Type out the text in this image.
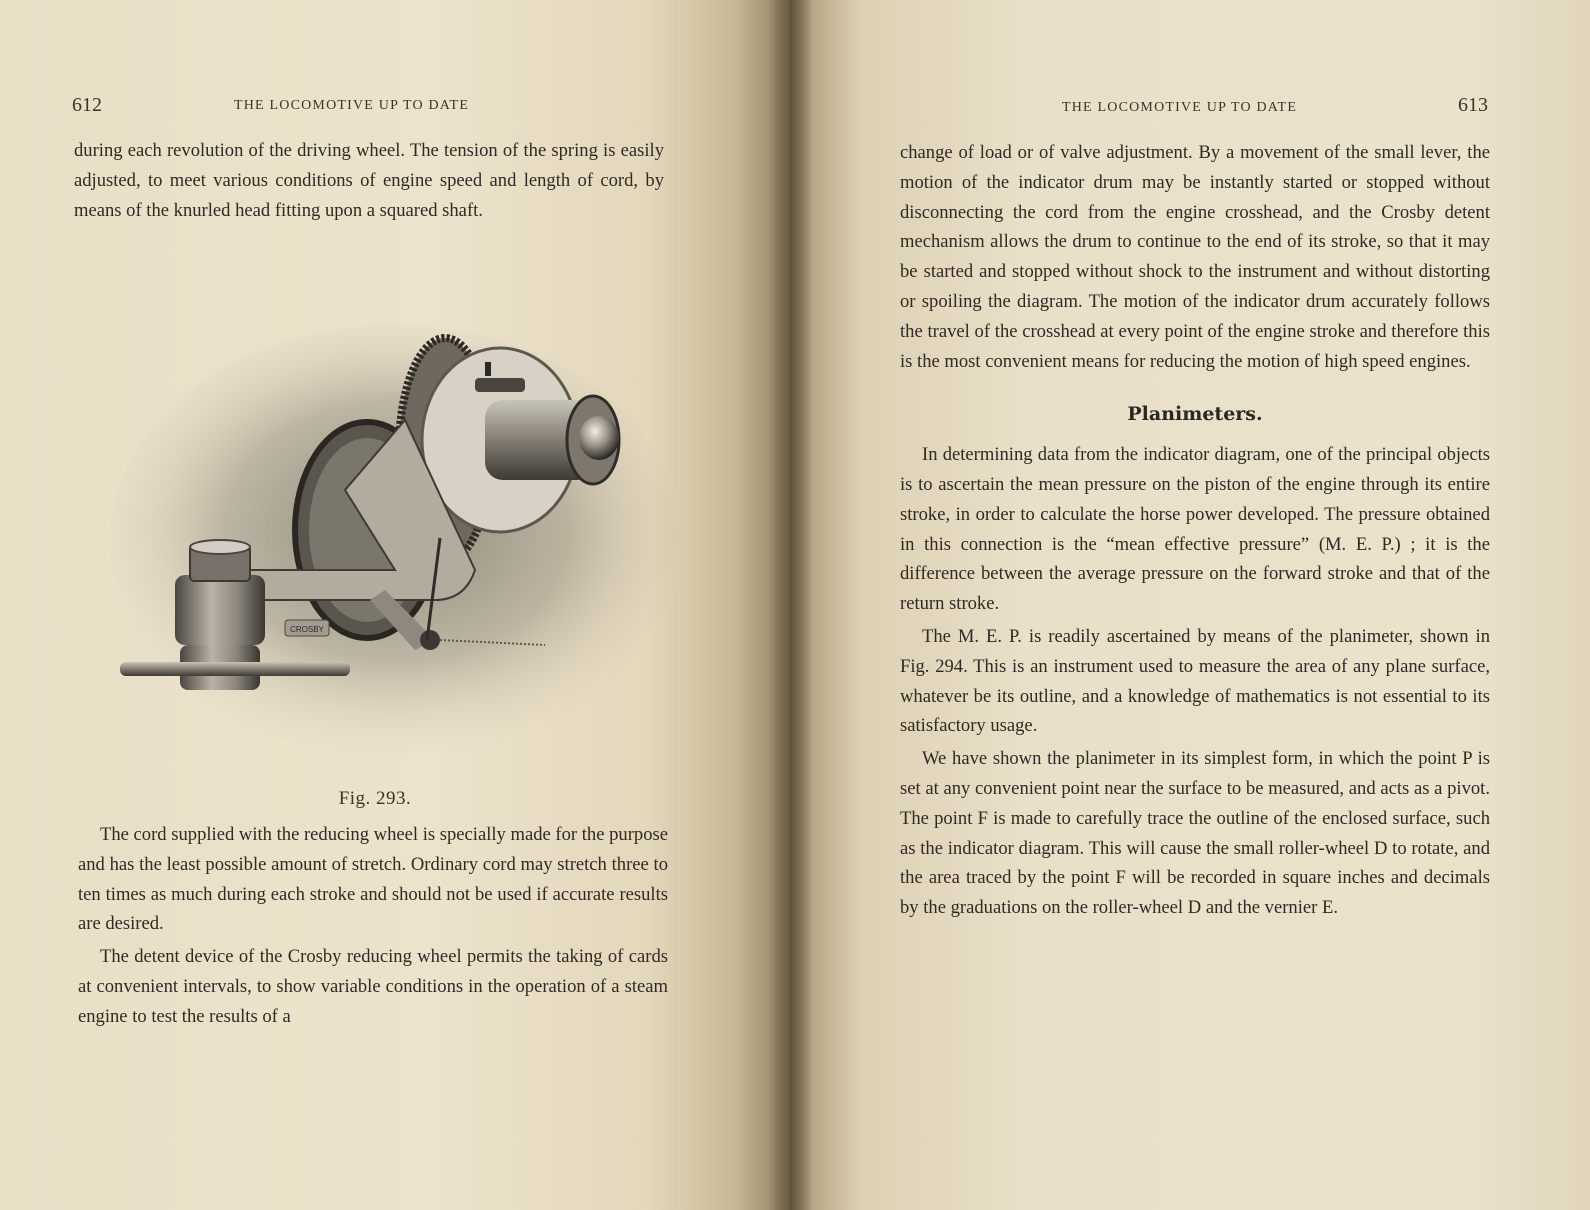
612	THE LOCOMOTIVE UP TO DATE

during each revolution of the driving wheel. The tension of the spring is easily adjusted, to meet various conditions of engine speed and length of cord, by means of the knurled head fitting upon a squared shaft.

CROSBY
Fig. 293.

The cord supplied with the reducing wheel is specially made for the purpose and has the least possible amount of stretch. Ordinary cord may stretch three to ten times as much during each stroke and should not be used if accurate results are desired.

The detent device of the Crosby reducing wheel permits the taking of cards at convenient intervals, to show variable conditions in the operation of a steam engine to test the results of a

THE LOCOMOTIVE UP TO DATE	613

change of load or of valve adjustment. By a movement of the small lever, the motion of the indicator drum may be instantly started or stopped without disconnecting the cord from the engine crosshead, and the Crosby detent mechanism allows the drum to continue to the end of its stroke, so that it may be started and stopped without shock to the instrument and without distorting or spoiling the diagram. The motion of the indicator drum accurately follows the travel of the crosshead at every point of the engine stroke and therefore this is the most convenient means for reducing the motion of high speed engines.

Planimeters.

In determining data from the indicator diagram, one of the principal objects is to ascertain the mean pressure on the piston of the engine through its entire stroke, in order to calculate the horse power developed. The pressure obtained in this connection is the “mean effective pressure” (M. E. P.) ; it is the difference between the average pressure on the forward stroke and that of the return stroke.

The M. E. P. is readily ascertained by means of the planimeter, shown in Fig. 294. This is an instrument used to measure the area of any plane surface, whatever be its outline, and a knowledge of mathematics is not essential to its satisfactory usage.

We have shown the planimeter in its simplest form, in which the point P is set at any convenient point near the surface to be measured, and acts as a pivot. The point F is made to carefully trace the outline of the enclosed surface, such as the indicator diagram. This will cause the small roller-wheel D to rotate, and the area traced by the point F will be recorded in square inches and decimals by the graduations on the roller-wheel D and the vernier E.
